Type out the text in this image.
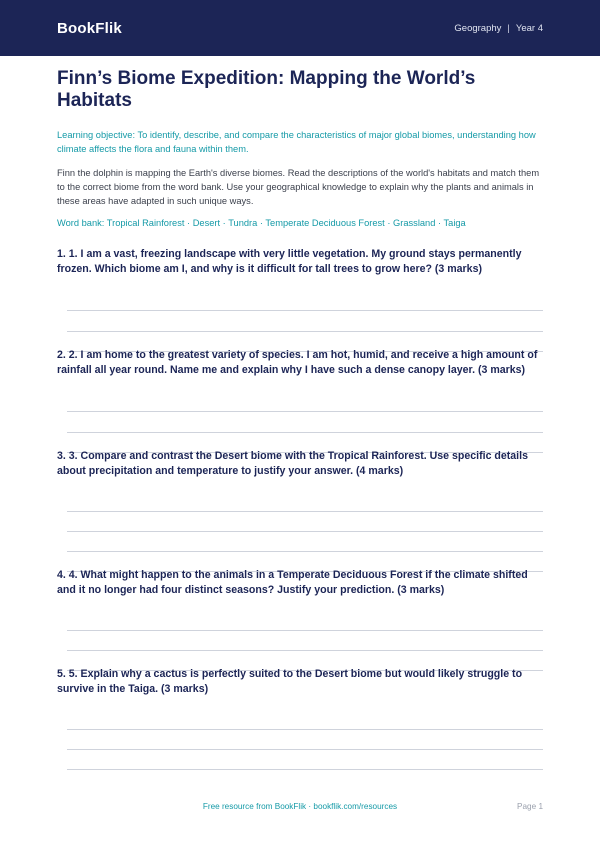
BookFlik	Geography | Year 4
Finn’s Biome Expedition: Mapping the World’s Habitats
Learning objective: To identify, describe, and compare the characteristics of major global biomes, understanding how climate affects the flora and fauna within them.
Finn the dolphin is mapping the Earth's diverse biomes. Read the descriptions of the world's habitats and match them to the correct biome from the word bank. Use your geographical knowledge to explain why the plants and animals in these areas have adapted in such unique ways.
Word bank: Tropical Rainforest · Desert · Tundra · Temperate Deciduous Forest · Grassland · Taiga
1. 1. I am a vast, freezing landscape with very little vegetation. My ground stays permanently frozen. Which biome am I, and why is it difficult for tall trees to grow here? (3 marks)
2. 2. I am home to the greatest variety of species. I am hot, humid, and receive a high amount of rainfall all year round. Name me and explain why I have such a dense canopy layer. (3 marks)
3. 3. Compare and contrast the Desert biome with the Tropical Rainforest. Use specific details about precipitation and temperature to justify your answer. (4 marks)
4. 4. What might happen to the animals in a Temperate Deciduous Forest if the climate shifted and it no longer had four distinct seasons? Justify your prediction. (3 marks)
5. 5. Explain why a cactus is perfectly suited to the Desert biome but would likely struggle to survive in the Taiga. (3 marks)
Free resource from BookFlik · bookflik.com/resources	Page 1
